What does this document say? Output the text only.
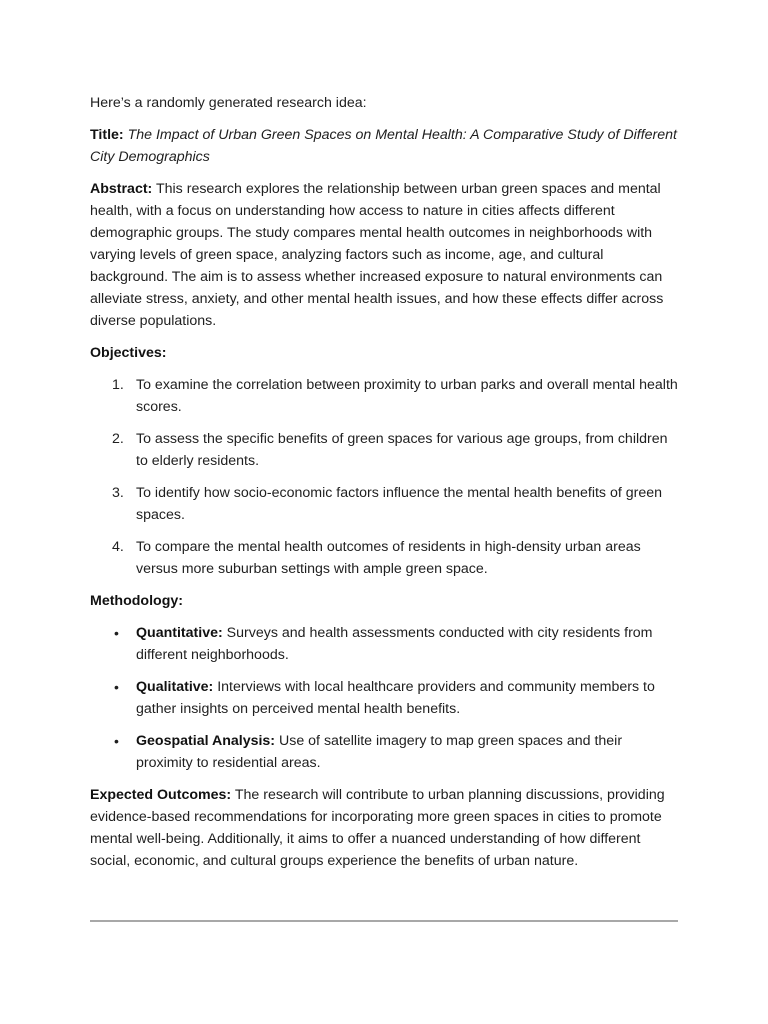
Here’s a randomly generated research idea:

Title: The Impact of Urban Green Spaces on Mental Health: A Comparative Study of Different City Demographics

Abstract: This research explores the relationship between urban green spaces and mental health, with a focus on understanding how access to nature in cities affects different demographic groups. The study compares mental health outcomes in neighborhoods with varying levels of green space, analyzing factors such as income, age, and cultural background. The aim is to assess whether increased exposure to natural environments can alleviate stress, anxiety, and other mental health issues, and how these effects differ across diverse populations.

Objectives:

1. To examine the correlation between proximity to urban parks and overall mental health scores.
2. To assess the specific benefits of green spaces for various age groups, from children to elderly residents.
3. To identify how socio-economic factors influence the mental health benefits of green spaces.
4. To compare the mental health outcomes of residents in high-density urban areas versus more suburban settings with ample green space.

Methodology:

• Quantitative: Surveys and health assessments conducted with city residents from different neighborhoods.
• Qualitative: Interviews with local healthcare providers and community members to gather insights on perceived mental health benefits.
• Geospatial Analysis: Use of satellite imagery to map green spaces and their proximity to residential areas.

Expected Outcomes: The research will contribute to urban planning discussions, providing evidence-based recommendations for incorporating more green spaces in cities to promote mental well-being. Additionally, it aims to offer a nuanced understanding of how different social, economic, and cultural groups experience the benefits of urban nature.
